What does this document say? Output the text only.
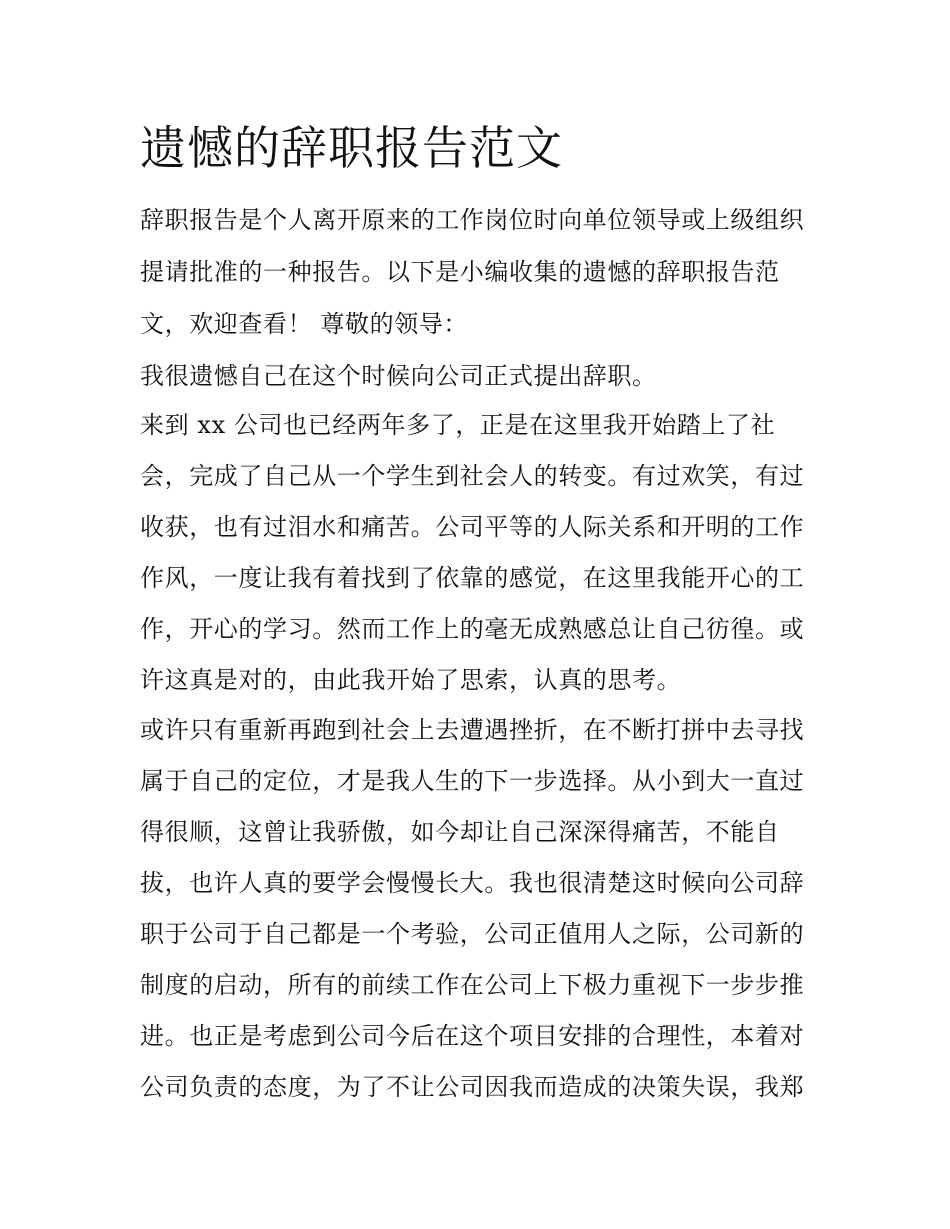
遗憾的辞职报告范文
辞职报告是个人离开原来的工作岗位时向单位领导或上级组织
提请批准的一种报告。以下是小编收集的遗憾的辞职报告范
文，欢迎查看！ 尊敬的领导：
我很遗憾自己在这个时候向公司正式提出辞职。
来到 xx 公司也已经两年多了，正是在这里我开始踏上了社
会，完成了自己从一个学生到社会人的转变。有过欢笑，有过
收获，也有过泪水和痛苦。公司平等的人际关系和开明的工作
作风，一度让我有着找到了依靠的感觉，在这里我能开心的工
作，开心的学习。然而工作上的毫无成熟感总让自己彷徨。或
许这真是对的，由此我开始了思索，认真的思考。
或许只有重新再跑到社会上去遭遇挫折，在不断打拼中去寻找
属于自己的定位，才是我人生的下一步选择。从小到大一直过
得很顺，这曾让我骄傲，如今却让自己深深得痛苦，不能自
拔，也许人真的要学会慢慢长大。我也很清楚这时候向公司辞
职于公司于自己都是一个考验，公司正值用人之际，公司新的
制度的启动，所有的前续工作在公司上下极力重视下一步步推
进。也正是考虑到公司今后在这个项目安排的合理性，本着对
公司负责的态度，为了不让公司因我而造成的决策失误，我郑
